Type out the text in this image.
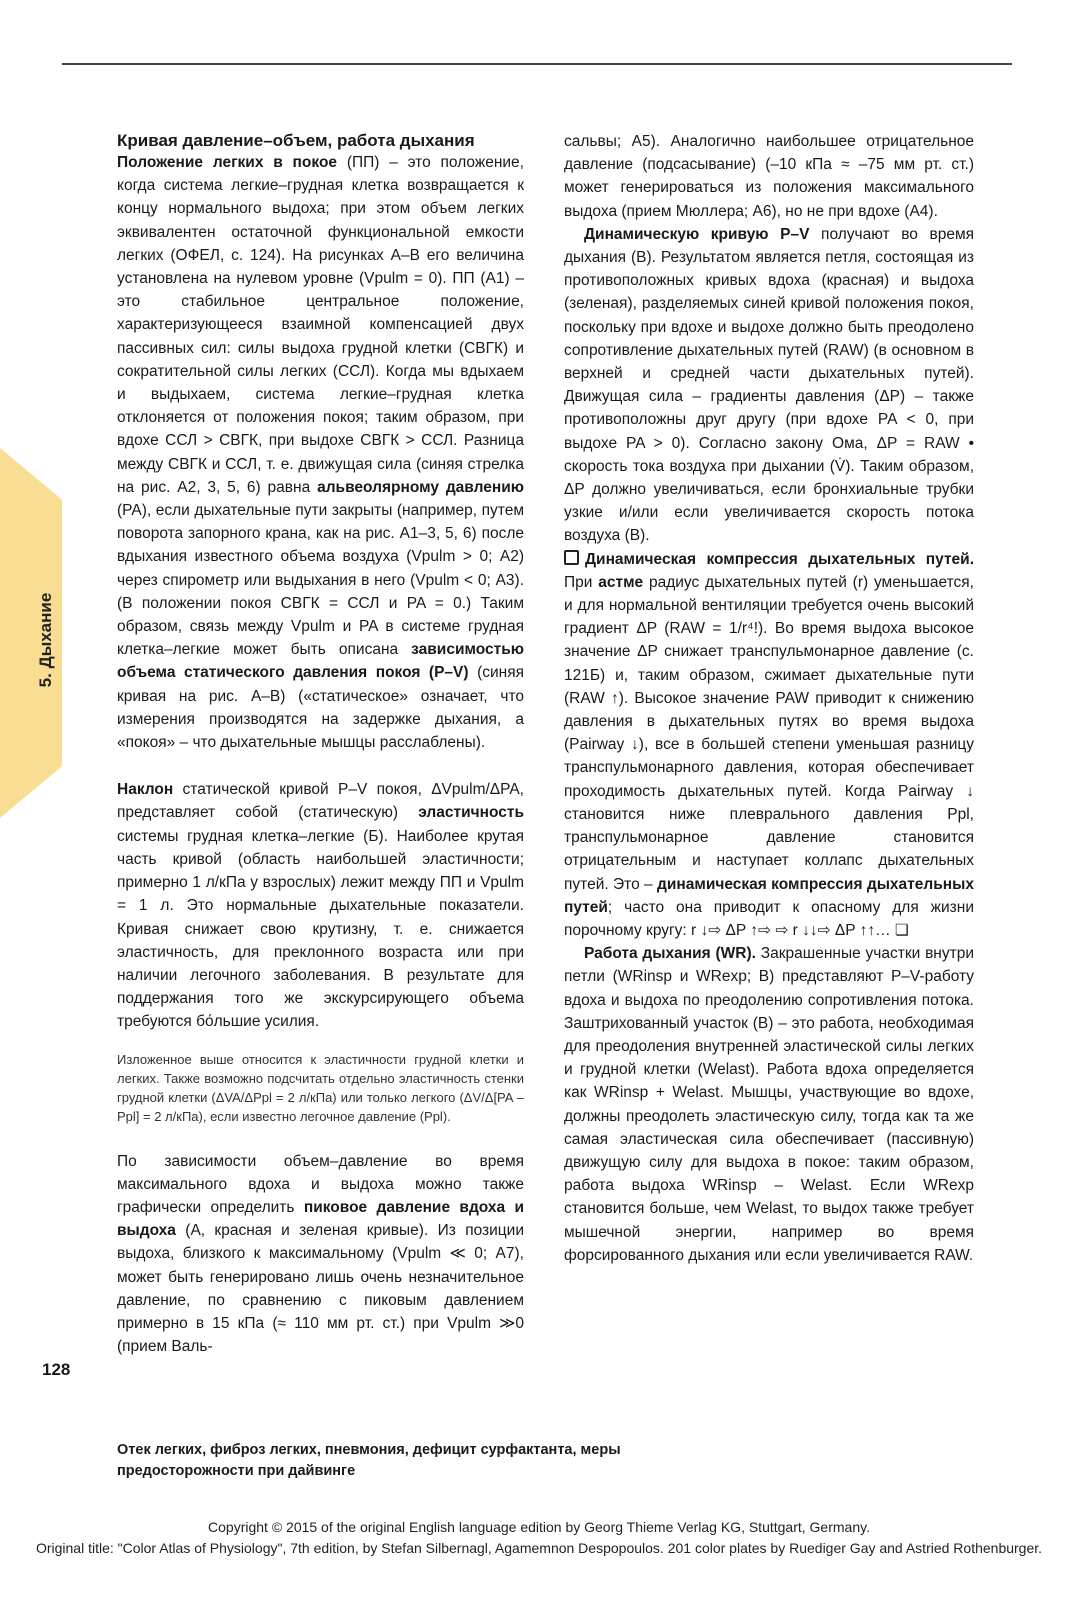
5. Дыхание
128

Кривая давление–объем, работа дыхания

Положение легких в покое (ПП) – это положение, когда система легкие–грудная клетка возвращается к концу нормального выдоха; при этом объем легких эквивалентен остаточной функциональной емкости легких (ОФЕЛ, с. 124). На рисунках А–В его величина установлена на нулевом уровне (Vpulm = 0). ПП (А1) – это стабильное центральное положение, характеризующееся взаимной компенсацией двух пассивных сил: силы выдоха грудной клетки (СВГК) и сократительной силы легких (ССЛ). Когда мы вдыхаем и выдыхаем, система легкие–грудная клетка отклоняется от положения покоя; таким образом, при вдохе ССЛ > СВГК, при выдохе СВГК > ССЛ. Разница между СВГК и ССЛ, т. е. движущая сила (синяя стрелка на рис. А2, 3, 5, 6) равна альвеолярному давлению (PA), если дыхательные пути закрыты (например, путем поворота запорного крана, как на рис. А1–3, 5, 6) после вдыхания известного объема воздуха (Vpulm > 0; А2) через спирометр или выдыхания в него (Vpulm < 0; А3). (В положении покоя СВГК = ССЛ и PA = 0.) Таким образом, связь между Vpulm и PA в системе грудная клетка–легкие может быть описана зависимостью объема статического давления покоя (P–V) (синяя кривая на рис. А–В) («статическое» означает, что измерения производятся на задержке дыхания, а «покоя» – что дыхательные мышцы расслаблены).

Наклон статической кривой P–V покоя, ΔVpulm/ΔPA, представляет собой (статическую) эластичность системы грудная клетка–легкие (Б). Наиболее крутая часть кривой (область наибольшей эластичности; примерно 1 л/кПа у взрослых) лежит между ПП и Vpulm = 1 л. Это нормальные дыхательные показатели. Кривая снижает свою крутизну, т. е. снижается эластичность, для преклонного возраста или при наличии легочного заболевания. В результате для поддержания того же экскурсирующего объема требуются бо́льшие усилия.

Изложенное выше относится к эластичности грудной клетки и легких. Также возможно подсчитать отдельно эластичность стенки грудной клетки (ΔVA/ΔPpl = 2 л/кПа) или только легкого (ΔV/Δ[PA – Ppl] = 2 л/кПа), если известно легочное давление (Ppl).

По зависимости объем–давление во время максимального вдоха и выдоха можно также графически определить пиковое давление вдоха и выдоха (А, красная и зеленая кривые). Из позиции выдоха, близкого к максимальному (Vpulm ≪ 0; А7), может быть генерировано лишь очень незначительное давление, по сравнению с пиковым давлением примерно в 15 кПа (≈ 110 мм рт. ст.) при Vpulm ≫0 (прием Валь-

сальвы; А5). Аналогично наибольшее отрицательное давление (подсасывание) (–10 кПа ≈ –75 мм рт. ст.) может генерироваться из положения максимального выдоха (прием Мюллера; А6), но не при вдохе (А4).

Динамическую кривую P–V получают во время дыхания (В). Результатом является петля, состоящая из противоположных кривых вдоха (красная) и выдоха (зеленая), разделяемых синей кривой положения покоя, поскольку при вдохе и выдохе должно быть преодолено сопротивление дыхательных путей (RAW) (в основном в верхней и средней части дыхательных путей). Движущая сила – градиенты давления (ΔP) – также противоположны друг другу (при вдохе PA < 0, при выдохе PA > 0). Согласно закону Ома, ΔP = RAW • скорость тока воздуха при дыхании (V̇). Таким образом, ΔP должно увеличиваться, если бронхиальные трубки узкие и/или если увеличивается скорость потока воздуха (В).

Динамическая компрессия дыхательных путей. При астме радиус дыхательных путей (r) уменьшается, и для нормальной вентиляции требуется очень высокий градиент ΔP (RAW = 1/r⁴!). Во время выдоха высокое значение ΔP снижает транспульмонарное давление (с. 121Б) и, таким образом, сжимает дыхательные пути (RAW ↑). Высокое значение PAW приводит к снижению давления в дыхательных путях во время выдоха (Pairway ↓), все в большей степени уменьшая разницу транспульмонарного давления, которая обеспечивает проходимость дыхательных путей. Когда Pairway ↓ становится ниже плеврального давления Ppl, транспульмонарное давление становится отрицательным и наступает коллапс дыхательных путей. Это – динамическая компрессия дыхательных путей; часто она приводит к опасному для жизни порочному кругу: r ↓⇨ ΔP ↑⇨ ⇨ r ↓↓⇨ ΔP ↑↑… ❏

Работа дыхания (WR). Закрашенные участки внутри петли (WRinsp и WRexp; В) представляют P–V-работу вдоха и выдоха по преодолению сопротивления потока. Заштрихованный участок (В) – это работа, необходимая для преодоления внутренней эластической силы легких и грудной клетки (Welast). Работа вдоха определяется как WRinsp + Welast. Мышцы, участвующие во вдохе, должны преодолеть эластическую силу, тогда как та же самая эластическая сила обеспечивает (пассивную) движущую силу для выдоха в покое: таким образом, работа выдоха WRinsp – Welast. Если WRexp становится больше, чем Welast, то выдох также требует мышечной энергии, например во время форсированного дыхания или если увеличивается RAW.

Отек легких, фиброз легких, пневмония, дефицит сурфактанта, меры предосторожности при дайвинге
Copyright © 2015 of the original English language edition by Georg Thieme Verlag KG, Stuttgart, Germany.
Original title: "Color Atlas of Physiology", 7th edition, by Stefan Silbernagl, Agamemnon Despopoulos. 201 color plates by Ruediger Gay and Astried Rothenburger.
